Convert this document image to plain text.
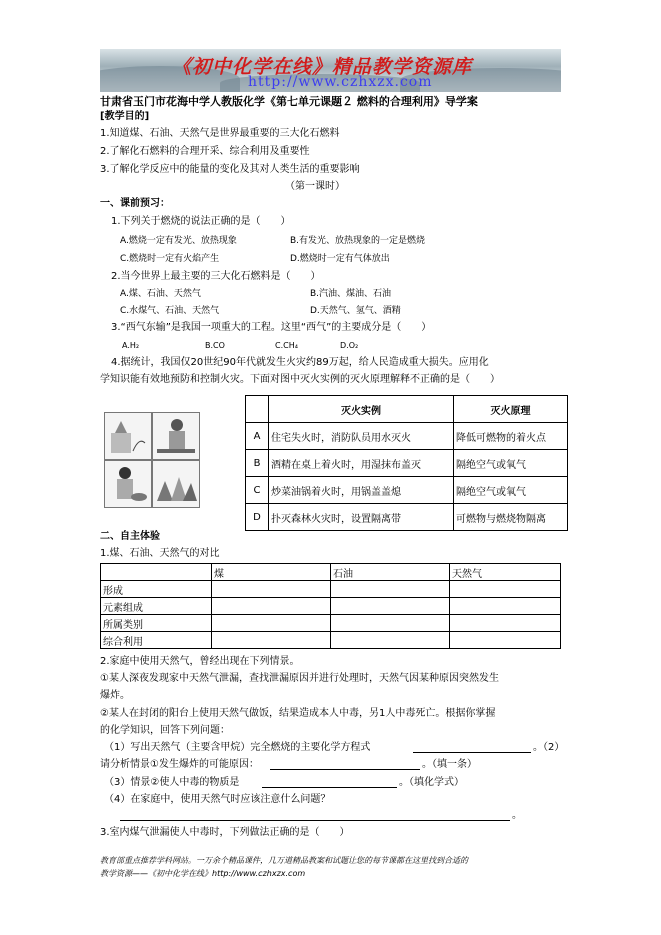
《初中化学在线》精品教学资源库
http://www.czhxzx.com
甘肃省玉门市花海中学人教版化学《第七单元课题２ 燃料的合理利用》导学案
[教学目的]
1.知道煤、石油、天然气是世界最重要的三大化石燃料
2.了解化石燃料的合理开采、综合利用及重要性
3.了解化学反应中的能量的变化及其对人类生活的重要影响
（第一课时）
一、课前预习：
1.下列关于燃烧的说法正确的是（　　）
A.燃烧一定有发光、放热现象	B.有发光、放热现象的一定是燃烧
C.燃烧时一定有火焰产生	D.燃烧时一定有气体放出
2.当今世界上最主要的三大化石燃料是（　　）
A.煤、石油、天然气	B.汽油、煤油、石油
C.水煤气、石油、天然气	D.天然气、氢气、酒精
3.“西气东输”是我国一项重大的工程。这里“西气”的主要成分是（　　）
A.H₂	B.CO	C.CH₄	D.O₂
4.据统计，我国仅20世纪90年代就发生火灾约89万起，给人民造成重大损失。应用化
学知识能有效地预防和控制火灾。下面对图中灭火实例的灭火原理解释不正确的是（　　）
	灭火实例	灭火原理
A	住宅失火时，消防队员用水灭火	降低可燃物的着火点
B	酒精在桌上着火时，用湿抹布盖灭	隔绝空气或氧气
C	炒菜油锅着火时，用锅盖盖熄	隔绝空气或氧气
D	扑灭森林火灾时，设置隔离带	可燃物与燃烧物隔离
二、自主体验
1.煤、石油、天然气的对比
	煤	石油	天然气
形成			
元素组成			
所属类别			
综合利用			
2.家庭中使用天然气，曾经出现在下列情景。
①某人深夜发现家中天然气泄漏，查找泄漏原因并进行处理时，天然气因某种原因突然发生
爆炸。
②某人在封闭的阳台上使用天然气做饭，结果造成本人中毒，另1人中毒死亡。根据你掌握
的化学知识，回答下列问题：
（1）写出天然气（主要含甲烷）完全燃烧的主要化学方程式	。（2）
请分析情景①发生爆炸的可能原因：	。（填一条）
（3）情景②使人中毒的物质是	。（填化学式）
（4）在家庭中，使用天然气时应该注意什么问题？
。
3.室内煤气泄漏使人中毒时，下列做法正确的是（　　）
教育部重点推荐学科网站。一万余个精品课件，几万道精品教案和试题让您的每节课都在这里找到合适的
教学资源——《初中化学在线》http://www.czhxzx.com
